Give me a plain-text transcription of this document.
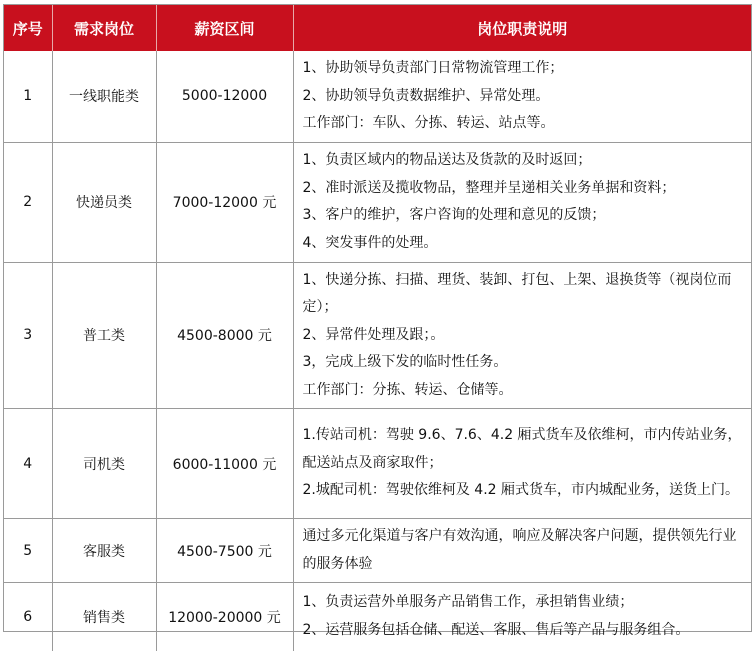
序号	需求岗位	薪资区间	岗位职责说明
1	一线职能类	5000-12000	1、协助领导负责部门日常物流管理工作；
2、协助领导负责数据维护、异常处理。
工作部门：车队、分拣、转运、站点等。

2	快递员类	7000-12000 元	1、负责区域内的物品送达及货款的及时返回；
2、准时派送及揽收物品，整理并呈递相关业务单据和资料；
3、客户的维护，客户咨询的处理和意见的反馈；
4、突发事件的处理。

3	普工类	4500-8000 元	1、快递分拣、扫描、理货、装卸、打包、上架、退换货等（视岗位而定）；
2、异常件处理及跟；。
3，完成上级下发的临时性任务。
工作部门：分拣、转运、仓储等。

4	司机类	6000-11000 元	1.传站司机：驾驶 9.6、7.6、4.2 厢式货车及依维柯，市内传站业务，配送站点及商家取件；
2.城配司机：驾驶依维柯及 4.2 厢式货车，市内城配业务，送货上门。

5	客服类	4500-7500 元	通过多元化渠道与客户有效沟通，响应及解决客户问题，提供领先行业的服务体验

6	销售类	12000-20000 元	1、负责运营外单服务产品销售工作，承担销售业绩；
2、运营服务包括仓储、配送、客服、售后等产品与服务组合。
